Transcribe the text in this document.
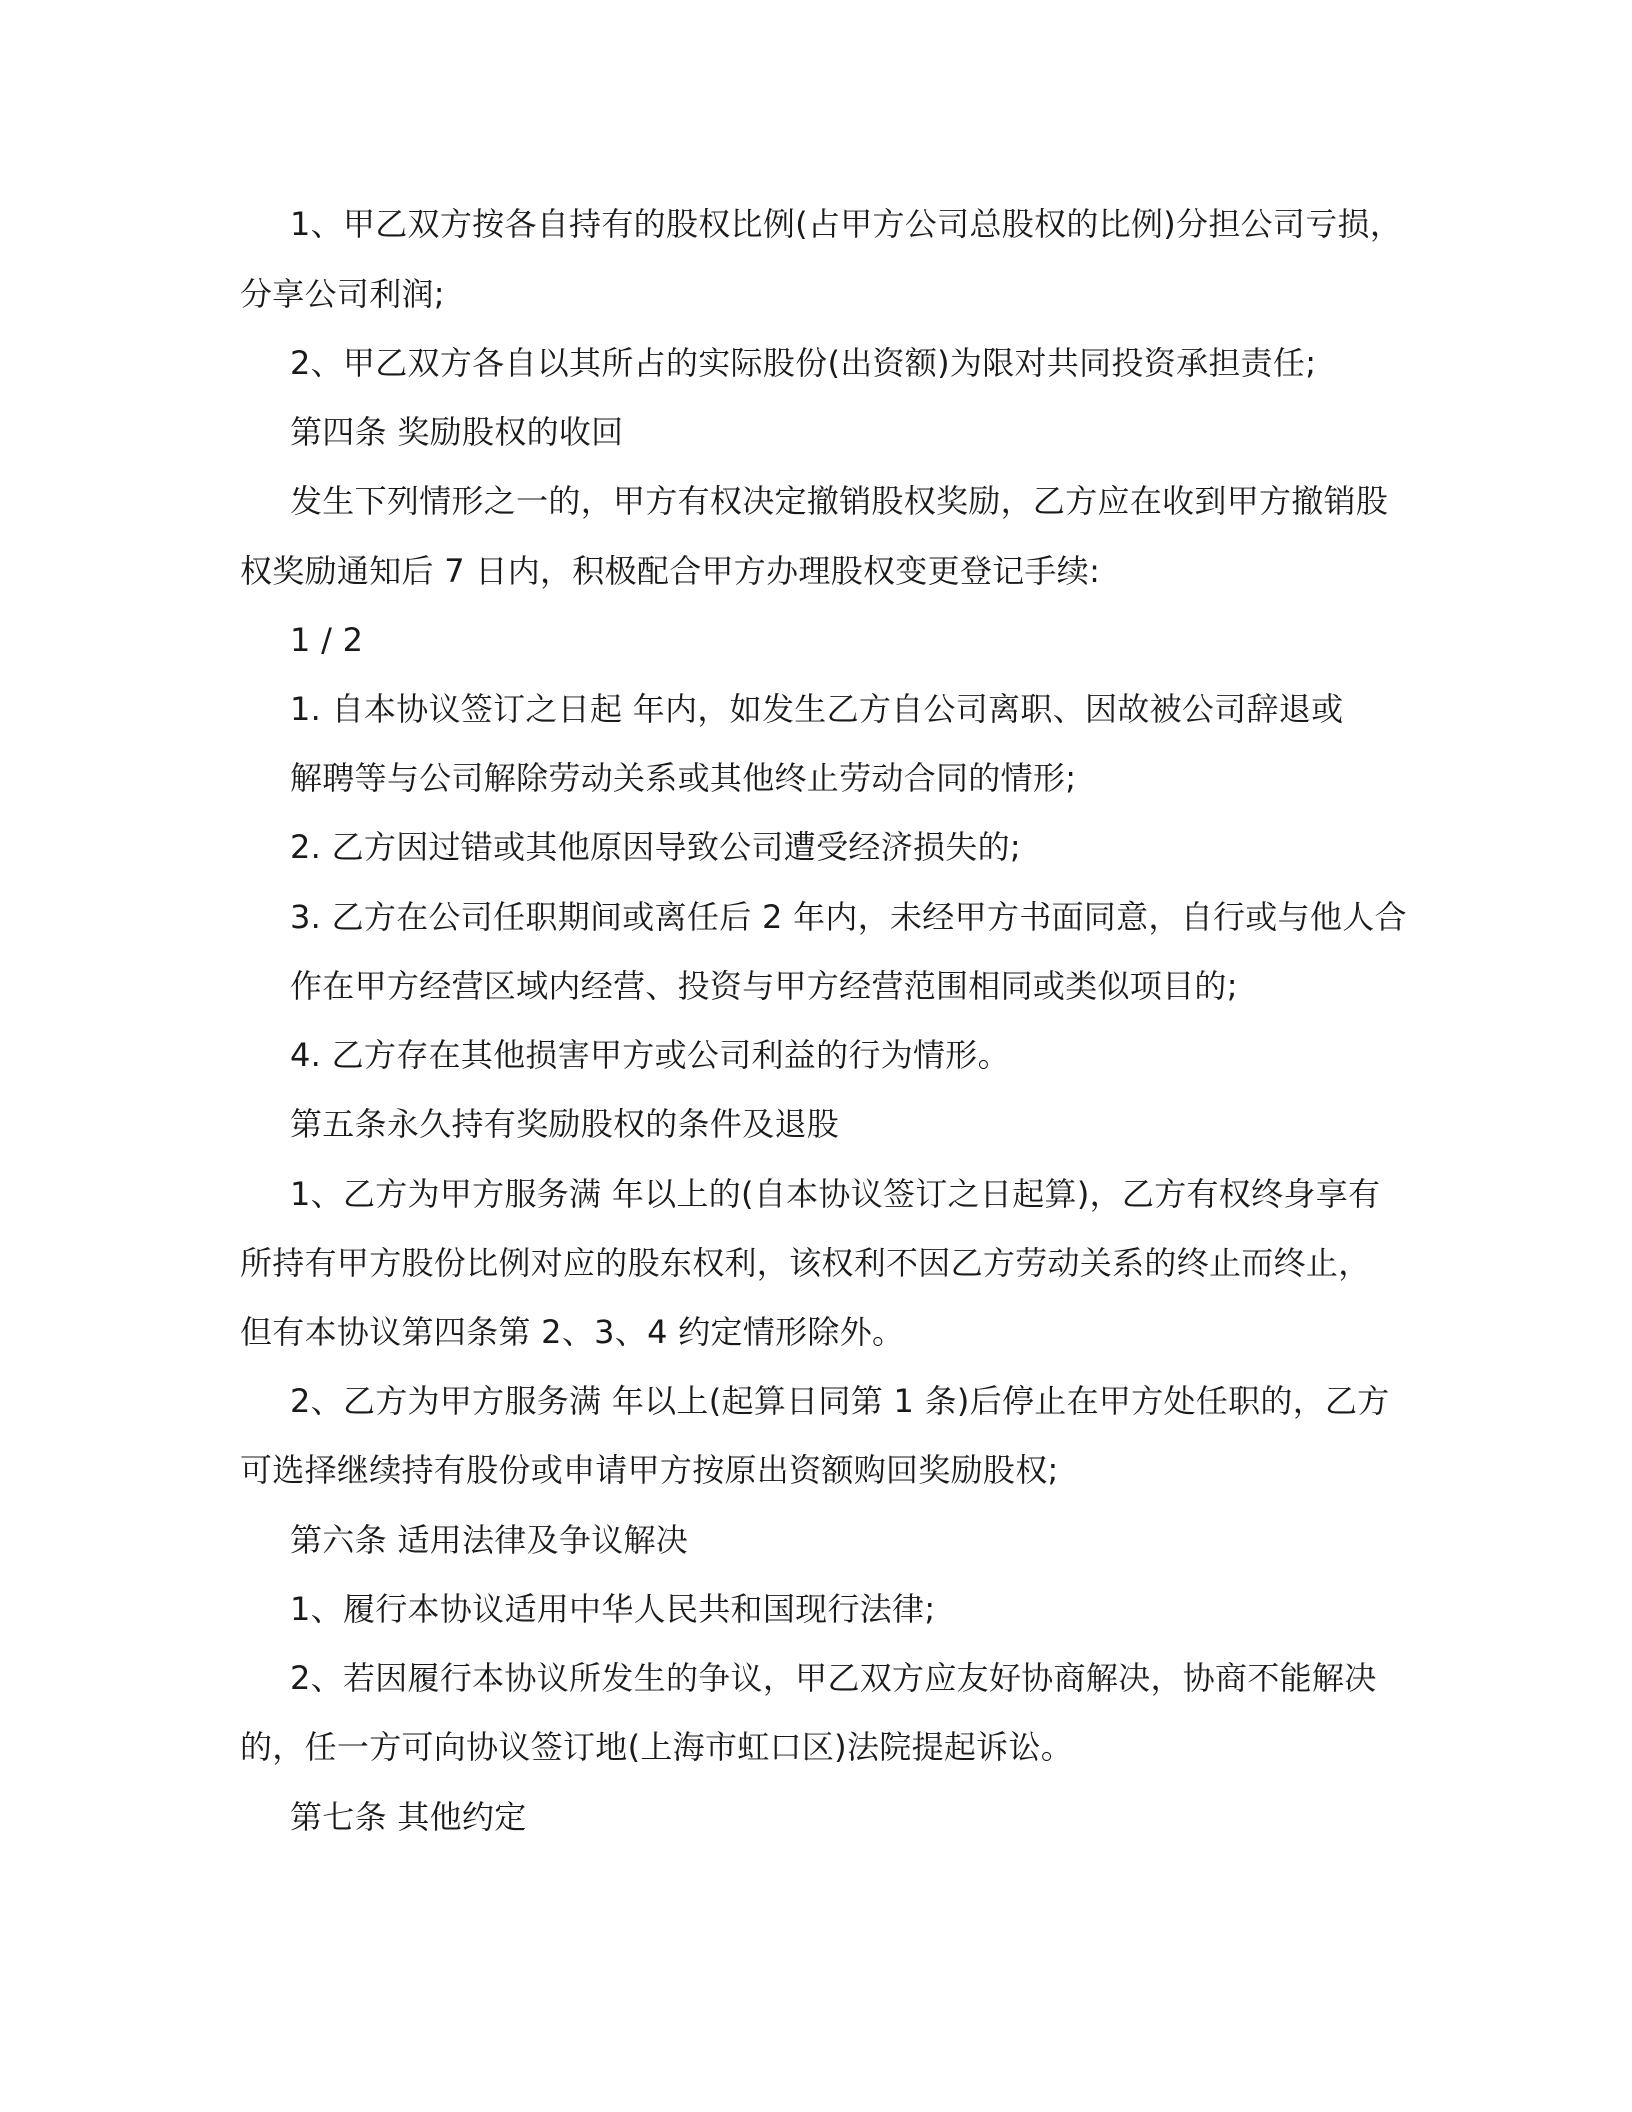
1、甲乙双方按各自持有的股权比例(占甲方公司总股权的比例)分担公司亏损，
分享公司利润;
2、甲乙双方各自以其所占的实际股份(出资额)为限对共同投资承担责任;
第四条 奖励股权的收回
发生下列情形之一的，甲方有权决定撤销股权奖励，乙方应在收到甲方撤销股
权奖励通知后 7 日内，积极配合甲方办理股权变更登记手续:
1 / 2
1. 自本协议签订之日起 年内，如发生乙方自公司离职、因故被公司辞退或
解聘等与公司解除劳动关系或其他终止劳动合同的情形;
2. 乙方因过错或其他原因导致公司遭受经济损失的;
3. 乙方在公司任职期间或离任后 2 年内，未经甲方书面同意，自行或与他人合
作在甲方经营区域内经营、投资与甲方经营范围相同或类似项目的;
4. 乙方存在其他损害甲方或公司利益的行为情形。
第五条永久持有奖励股权的条件及退股
1、乙方为甲方服务满 年以上的(自本协议签订之日起算)，乙方有权终身享有
所持有甲方股份比例对应的股东权利，该权利不因乙方劳动关系的终止而终止，
但有本协议第四条第 2、3、4 约定情形除外。
2、乙方为甲方服务满 年以上(起算日同第 1 条)后停止在甲方处任职的，乙方
可选择继续持有股份或申请甲方按原出资额购回奖励股权;
第六条 适用法律及争议解决
1、履行本协议适用中华人民共和国现行法律;
2、若因履行本协议所发生的争议，甲乙双方应友好协商解决，协商不能解决
的，任一方可向协议签订地(上海市虹口区)法院提起诉讼。
第七条 其他约定
